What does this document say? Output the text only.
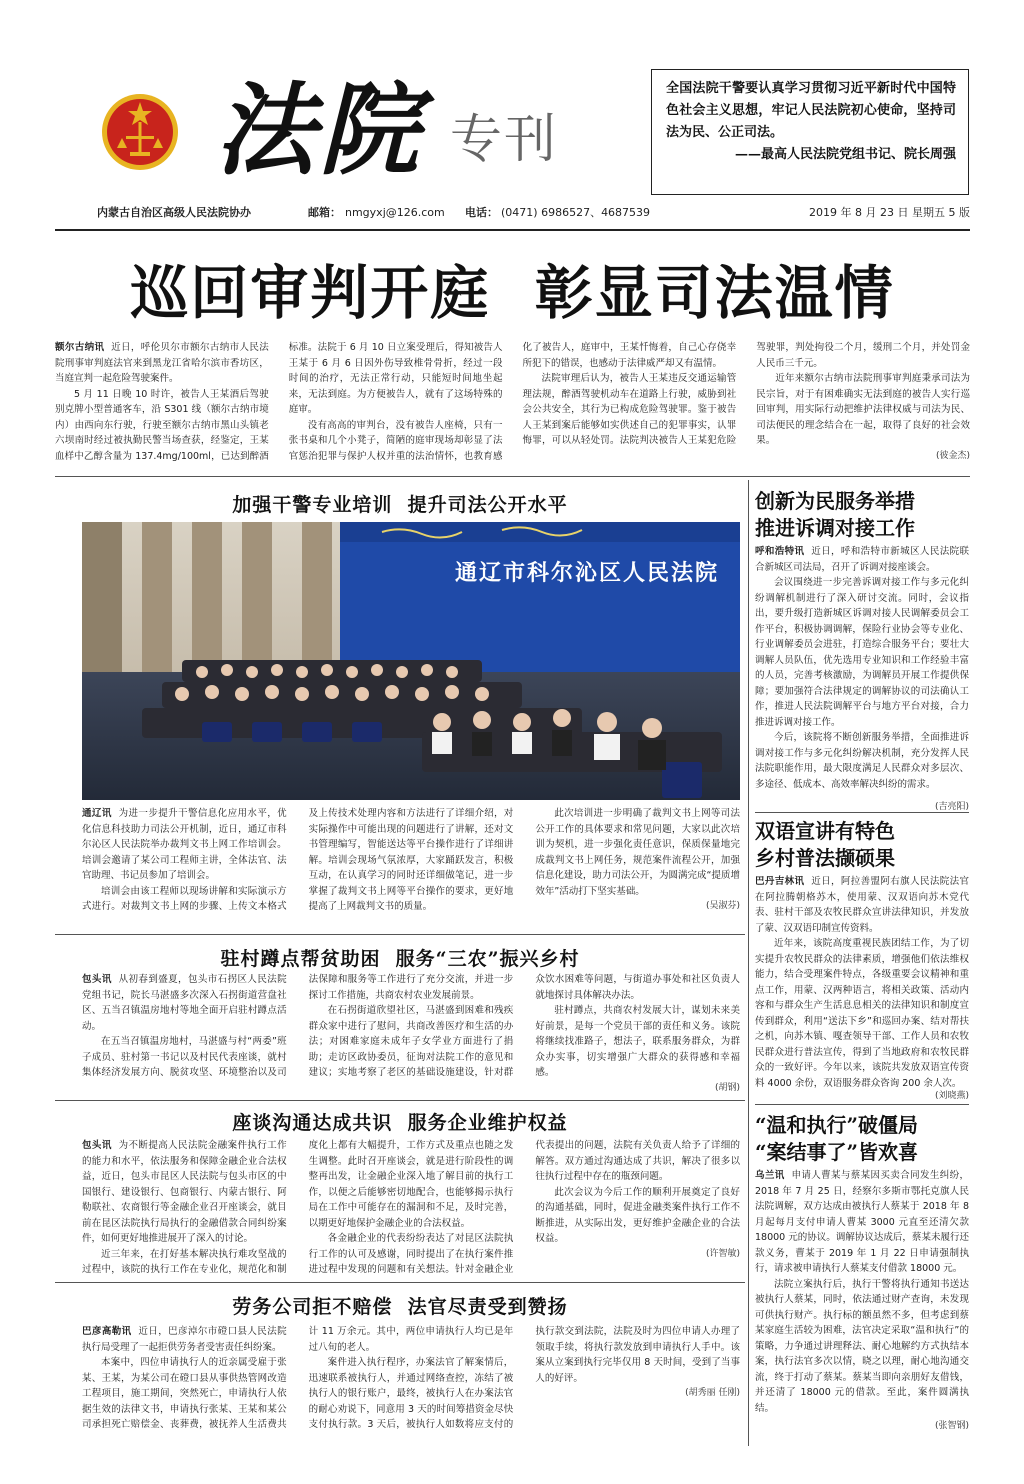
法院 专刊
全国法院干警要认真学习贯彻习近平新时代中国特色社会主义思想，牢记人民法院初心使命，坚持司法为民、公正司法。
——最高人民法院党组书记、院长周强
内蒙古自治区高级人民法院协办	邮箱： nmgyxj@126.com 电话： (0471) 6986527、4687539	2019 年 8 月 23 日 星期五 5 版
巡回审判开庭  彰显司法温情

额尔古纳讯 近日，呼伦贝尔市额尔古纳市人民法院刑事审判庭法官来到黑龙江省哈尔滨市香坊区，当庭宣判一起危险驾驶案件。

5 月 11 日晚 10 时许，被告人王某酒后驾驶别克牌小型普通客车，沿 S301 线（额尔古纳市境内）由西向东行驶，行驶至额尔古纳市黑山头镇老六坝南时经过被执勤民警当场查获，经鉴定，王某血样中乙醇含量为 137.4mg/100ml，已达到醉酒标准。法院于 6 月 10 日立案受理后，得知被告人王某于 6 月 6 日因外伤导致椎骨骨折，经过一段时间的治疗，无法正常行动，只能短时间地坐起来，无法到庭。为方便被告人，就有了这场特殊的庭审。

没有高高的审判台，没有被告人座椅，只有一张书桌和几个小凳子，简陋的庭审现场却彰显了法官惩治犯罪与保护人权并重的法治情怀，也教育感化了被告人，庭审中，王某忏悔着，自己心存侥幸所犯下的错误，也感动于法律威严却又有温情。

法院审理后认为，被告人王某违反交通运输管理法规，醉酒驾驶机动车在道路上行驶，威胁到社会公共安全，其行为已构成危险驾驶罪。鉴于被告人王某到案后能够如实供述自己的犯罪事实，认罪悔罪，可以从轻处罚。法院判决被告人王某犯危险驾驶罪，判处拘役二个月，缓刑二个月，并处罚金人民币三千元。

近年来额尔古纳市法院刑事审判庭秉承司法为民宗旨，对于有困难确实无法到庭的被告人实行巡回审判，用实际行动把维护法律权威与司法为民、司法便民的理念结合在一起，取得了良好的社会效果。

(彼金杰)
加强干警专业培训  提升司法公开水平
通辽市科尔沁区人民法院

通辽讯 为进一步提升干警信息化应用水平，优化信息科技助力司法公开机制，近日，通辽市科尔沁区人民法院举办裁判文书上网工作培训会。培训会邀请了某公司工程师主讲，全体法官、法官助理、书记员参加了培训会。

培训会由该工程师以现场讲解和实际演示方式进行。对裁判文书上网的步骤、上传文本格式及上传技术处理内容和方法进行了详细介绍，对实际操作中可能出现的问题进行了讲解，还对文书管理编写，智能送达等平台操作进行了详细讲解。培训会现场气氛浓厚，大家踊跃发言，积极互动，在认真学习的同时还详细做笔记，进一步掌握了裁判文书上网等平台操作的要求，更好地提高了上网裁判文书的质量。

此次培训进一步明确了裁判文书上网等司法公开工作的具体要求和常见问题，大家以此次培训为契机，进一步强化责任意识，保质保量地完成裁判文书上网任务，规范案件流程公开，加强信息化建设，助力司法公开，为圆满完成“提质增效年”活动打下坚实基础。

(吴淑芬)
驻村蹲点帮贫助困  服务“三农”振兴乡村

包头讯 从初春到盛夏，包头市石拐区人民法院党组书记，院长马湛盛多次深入石拐街道营盘社区、五当召镇温房地村等地全面开启驻村蹲点活动。

在五当召镇温房地村，马湛盛与村“两委”班子成员、驻村第一书记以及村民代表座谈，就村集体经济发展方向、脱贫攻坚、环境整治以及司法保障和服务等工作进行了充分交流，并进一步探讨工作措施，共商农村农业发展前景。

在石拐街道欣望社区，马湛盛到困难和残疾群众家中进行了慰问，共商改善医疗和生活的办法；对困难家庭未成年子女学业方面进行了捐助；走访区政协委员，征询对法院工作的意见和建议；实地考察了老区的基础设施建设，针对群众饮水困难等问题，与街道办事处和社区负责人就地探讨具体解决办法。

驻村蹲点，共商农村发展大计，谋划未来美好前景，是每一个党员干部的责任和义务。该院将继续找准路子，想法子，联系服务群众，为群众办实事，切实增强广大群众的获得感和幸福感。

(胡钢)
座谈沟通达成共识  服务企业维护权益

包头讯 为不断提高人民法院金融案件执行工作的能力和水平，依法服务和保障金融企业合法权益，近日，包头市昆区人民法院与包头市区的中国银行、建设银行、包商银行、内蒙古银行、阿勒联社、农商银行等金融企业召开座谈会，就目前在昆区法院执行局执行的金融借款合同纠纷案件，如何更好地推进展开了深入的讨论。

近三年来，在打好基本解决执行难攻坚战的过程中，该院的执行工作在专业化，规范化和制度化上都有大幅提升，工作方式及重点也随之发生调整。此时召开座谈会，就是进行阶段性的调整再出发，让金融企业深入地了解目前的执行工作，以便之后能够密切地配合，也能够揭示执行局在工作中可能存在的漏洞和不足，及时完善，以期更好地保护金融企业的合法权益。

各金融企业的代表纷纷表达了对昆区法院执行工作的认可及感谢，同时提出了在执行案件推进过程中发现的问题和有关想法。针对金融企业代表提出的问题，法院有关负责人给予了详细的解答。双方通过沟通达成了共识，解决了很多以往执行过程中存在的瓶颈问题。

此次会议为今后工作的顺利开展奠定了良好的沟通基础，同时，促进金融类案件执行工作不断推进，从实际出发，更好维护金融企业的合法权益。

(许智敏)
劳务公司拒不赔偿  法官尽责受到赞扬

巴彦高勒讯 近日，巴彦淖尔市磴口县人民法院执行局受理了一起拒供劳务者受害责任纠纷案。

本案中，四位申请执行人的近亲属受雇于张某、王某，为某公司在磴口县从事供热管网改造工程项目，施工期间，突然死亡，申请执行人依据生效的法律文书，申请执行张某、王某和某公司承担死亡赔偿金、丧葬费，被抚养人生活费共计 11 万余元。其中，两位申请执行人均已是年过八旬的老人。

案件进入执行程序，办案法官了解案情后，迅速联系被执行人，并通过网络查控，冻结了被执行人的银行账户，最终，被执行人在办案法官的耐心劝说下，同意用 3 天的时间筹措资金尽快支付执行款。3 天后，被执行人如数将应支付的执行款交到法院，法院及时为四位申请人办理了领取手续，将执行款发放到申请执行人手中。该案从立案到执行完毕仅用 8 天时间，受到了当事人的好评。

(胡秀丽 任刚)
创新为民服务举措
推进诉调对接工作

呼和浩特讯 近日，呼和浩特市新城区人民法院联合新城区司法局，召开了诉调对接座谈会。

会议围绕进一步完善诉调对接工作与多元化纠纷调解机制进行了深入研讨交流。同时，会议指出，要升级打造新城区诉调对接人民调解委员会工作平台，积极协调调解，保险行业协会等专业化、行业调解委员会进驻，打造综合服务平台；要壮大调解人员队伍，优先选用专业知识和工作经验丰富的人员，完善考核激励，为调解员开展工作提供保障；要加强符合法律规定的调解协议的司法确认工作，推进人民法院调解平台与地方平台对接，合力推进诉调对接工作。

今后，该院将不断创新服务举措，全面推进诉调对接工作与多元化纠纷解决机制，充分发挥人民法院职能作用，最大限度满足人民群众对多层次、多途径、低成本、高效率解决纠纷的需求。

(吉亮阳)
双语宣讲有特色
乡村普法撷硕果

巴丹吉林讯 近日，阿拉善盟阿右旗人民法院法官在阿拉腾朝格苏木，使用蒙、汉双语向苏木党代表、驻村干部及农牧民群众宣讲法律知识，并发放了蒙、汉双语印制宣传资料。

近年来，该院高度重视民族团结工作，为了切实提升农牧民群众的法律素质，增强他们依法维权能力，结合受理案件特点，各级重要会议精神和重点工作，用蒙、汉两种语言，将相关政策、活动内容和与群众生产生活息息相关的法律知识和制度宣传到群众，利用“送法下乡”和巡回办案、结对帮扶之机，向苏木镇、嘎查领导干部、工作人员和农牧民群众进行普法宣传，得到了当地政府和农牧民群众的一致好评。今年以来，该院共发放双语宣传资料 4000 余份，双语服务群众咨询 200 余人次。

(刘晓燕)
“温和执行”破僵局
“案结事了”皆欢喜

乌兰讯 申请人曹某与蔡某因买卖合同发生纠纷，2018 年 7 月 25 日，经察尔多斯市鄂托克旗人民法院调解，双方达成由被执行人蔡某于 2018 年 8 月起每月支付申请人曹某 3000 元直至还清欠款 18000 元的协议。调解协议达成后，蔡某未履行还款义务，曹某于 2019 年 1 月 22 日申请强制执行，请求被申请执行人蔡某支付借款 18000 元。

法院立案执行后，执行干警将执行通知书送达被执行人蔡某，同时，依法通过财产查询，未发现可供执行财产。执行标的额虽然不多，但考虑到蔡某家庭生活较为困难，法官决定采取“温和执行”的策略，力争通过讲理释法、耐心地解约方式执结本案，执行法官多次以情，晓之以理，耐心地沟通交流，终于打动了蔡某。蔡某当即向亲朋好友借钱，并还清了 18000 元的借款。至此，案件圆满执结。

(张智钢)
